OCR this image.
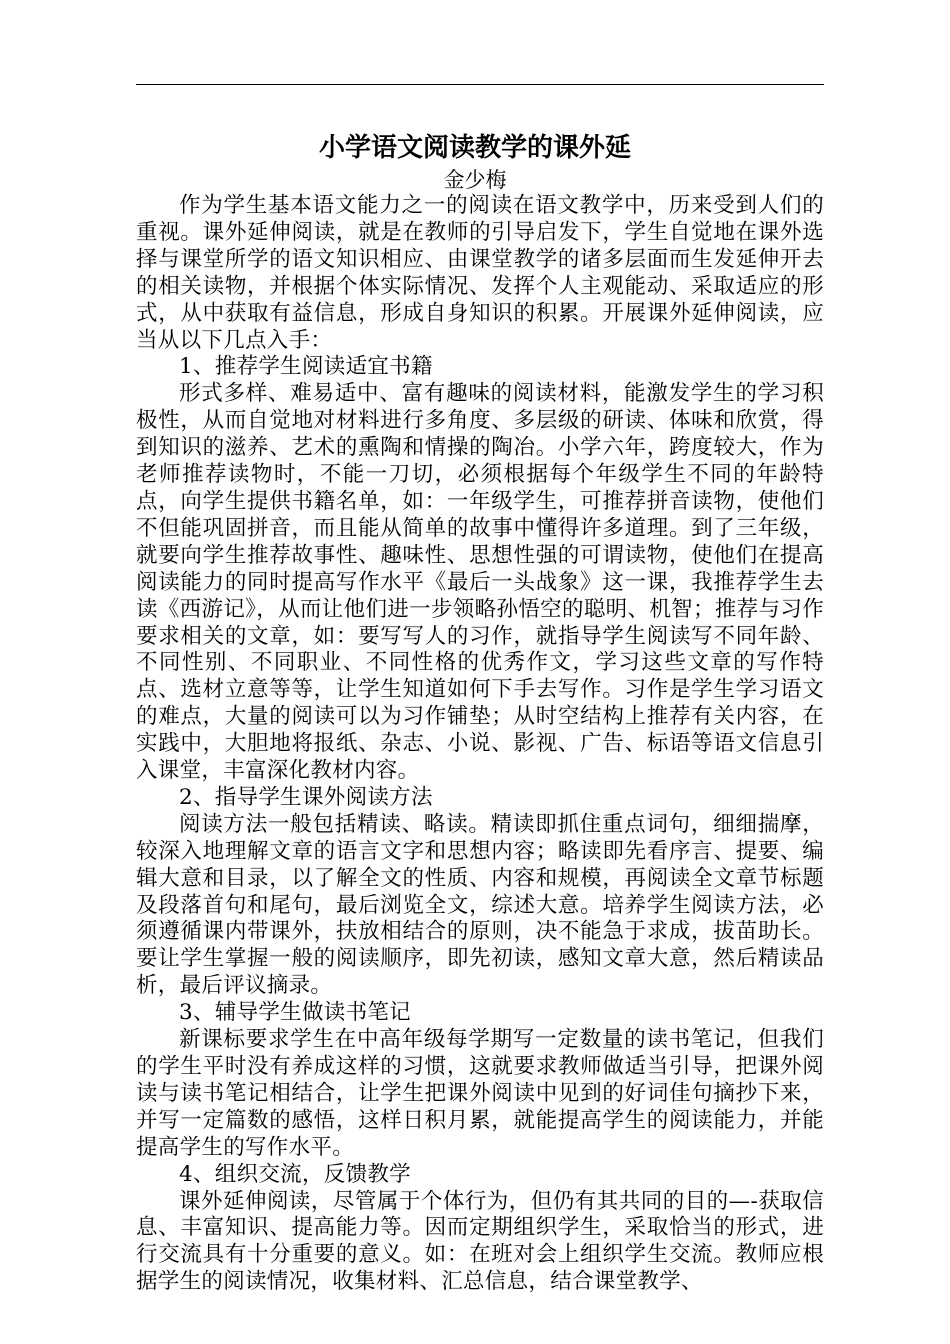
小学语文阅读教学的课外延
金少梅

作为学生基本语文能力之一的阅读在语文教学中，历来受到人们的重视。课外延伸阅读，就是在教师的引导启发下，学生自觉地在课外选择与课堂所学的语文知识相应、由课堂教学的诸多层面而生发延伸开去的相关读物，并根据个体实际情况、发挥个人主观能动、采取适应的形式，从中获取有益信息，形成自身知识的积累。开展课外延伸阅读，应当从以下几点入手：

1、推荐学生阅读适宜书籍

形式多样、难易适中、富有趣味的阅读材料，能激发学生的学习积极性，从而自觉地对材料进行多角度、多层级的研读、体味和欣赏，得到知识的滋养、艺术的熏陶和情操的陶冶。小学六年，跨度较大，作为老师推荐读物时，不能一刀切，必须根据每个年级学生不同的年龄特点，向学生提供书籍名单，如：一年级学生，可推荐拼音读物，使他们不但能巩固拼音，而且能从简单的故事中懂得许多道理。到了三年级，就要向学生推荐故事性、趣味性、思想性强的可谓读物，使他们在提高阅读能力的同时提高写作水平《最后一头战象》这一课，我推荐学生去读《西游记》，从而让他们进一步领略孙悟空的聪明、机智；推荐与习作要求相关的文章，如：要写写人的习作，就指导学生阅读写不同年龄、不同性别、不同职业、不同性格的优秀作文，学习这些文章的写作特点、选材立意等等，让学生知道如何下手去写作。习作是学生学习语文的难点，大量的阅读可以为习作铺垫；从时空结构上推荐有关内容，在实践中，大胆地将报纸、杂志、小说、影视、广告、标语等语文信息引入课堂，丰富深化教材内容。

2、指导学生课外阅读方法

阅读方法一般包括精读、略读。精读即抓住重点词句，细细揣摩，较深入地理解文章的语言文字和思想内容；略读即先看序言、提要、编辑大意和目录，以了解全文的性质、内容和规模，再阅读全文章节标题及段落首句和尾句，最后浏览全文，综述大意。培养学生阅读方法，必须遵循课内带课外，扶放相结合的原则，决不能急于求成，拔苗助长。要让学生掌握一般的阅读顺序，即先初读，感知文章大意，然后精读品析，最后评议摘录。

3、辅导学生做读书笔记

新课标要求学生在中高年级每学期写一定数量的读书笔记，但我们的学生平时没有养成这样的习惯，这就要求教师做适当引导，把课外阅读与读书笔记相结合，让学生把课外阅读中见到的好词佳句摘抄下来，并写一定篇数的感悟，这样日积月累，就能提高学生的阅读能力，并能提高学生的写作水平。

4、组织交流，反馈教学

课外延伸阅读，尽管属于个体行为，但仍有其共同的目的—-获取信息、丰富知识、提高能力等。因而定期组织学生，采取恰当的形式，进行交流具有十分重要的意义。如：在班对会上组织学生交流。教师应根据学生的阅读情况，收集材料、汇总信息，结合课堂教学、
